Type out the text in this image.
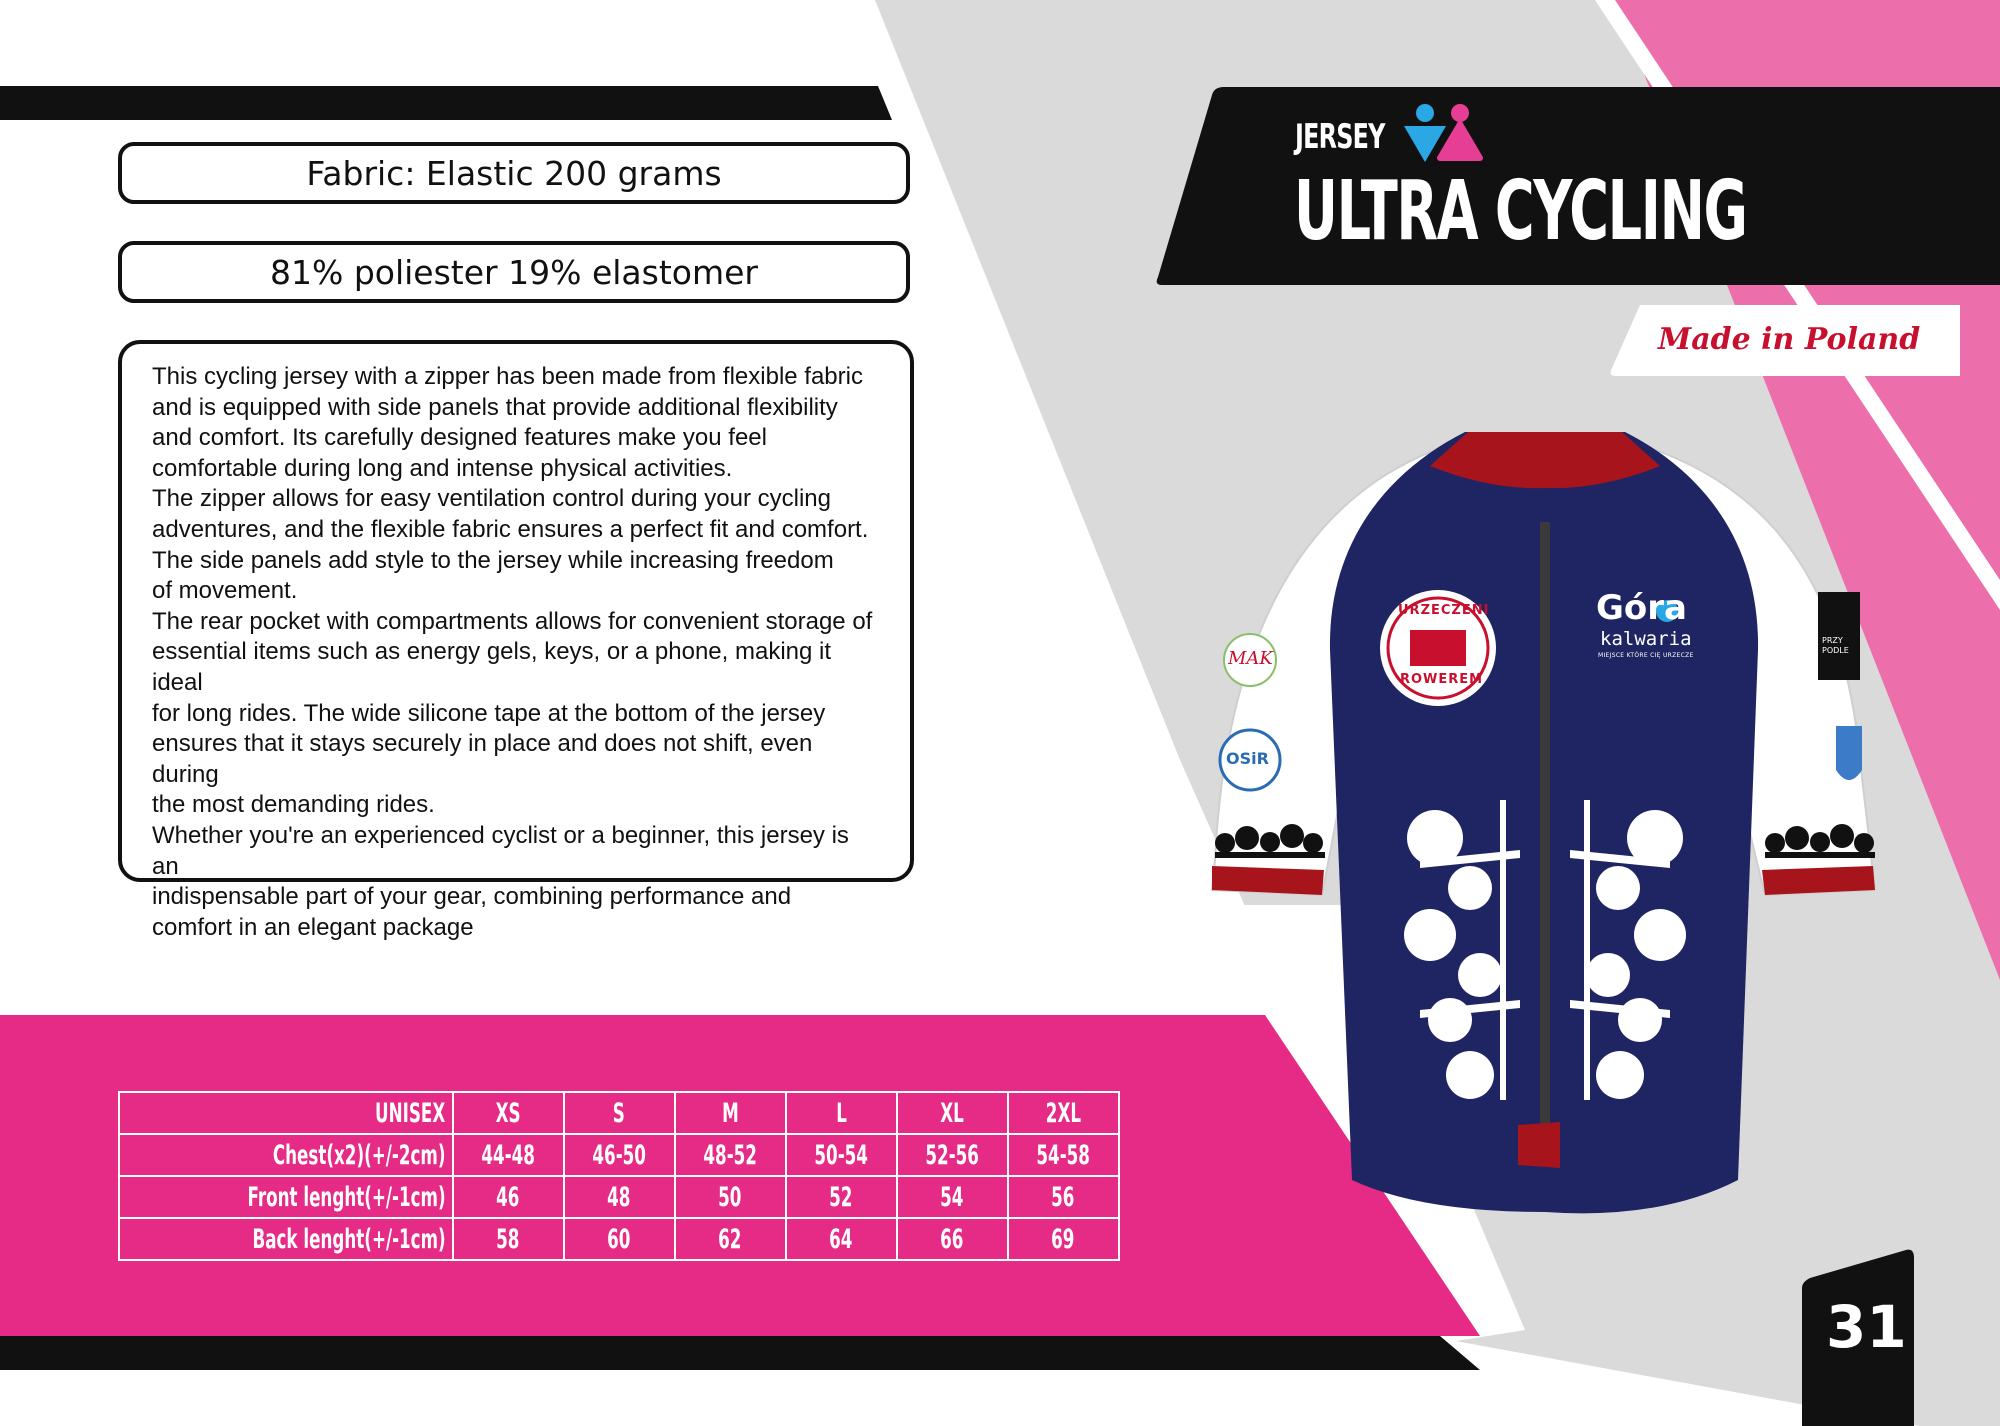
JERSEY
ULTRA CYCLING
Made in Poland
Fabric: Elastic 200 grams
81% poliester 19% elastomer

This cycling jersey with a zipper has been made from flexible fabric

and is equipped with side panels that provide additional flexibility

and comfort. Its carefully designed features make you feel

comfortable during long and intense physical activities.

The zipper allows for easy ventilation control during your cycling

adventures, and the flexible fabric ensures a perfect fit and comfort.

The side panels add style to the jersey while increasing freedom

of movement.

The rear pocket with compartments allows for convenient storage of

essential items such as energy gels, keys, or a phone, making it ideal

for long rides. The wide silicone tape at the bottom of the jersey

ensures that it stays securely in place and does not shift, even during

the most demanding rides.

Whether you're an experienced cyclist or a beginner, this jersey is an

indispensable part of your gear, combining performance and

comfort in an elegant package

UNISEX	XS	S	M	L	XL	2XL
Chest(x2)(+/-2cm)	44-48	46-50	48-52	50-54	52-56	54-58
Front lenght(+/-1cm)	46	48	50	52	54	56
Back lenght(+/-1cm)	58	60	62	64	66	69
Góra
kalwaria
MIEJSCE KTÓRE CIĘ URZECZE
URZECZENI
ROWEREM
MAK
OSiR
PRZY PODLE
31
